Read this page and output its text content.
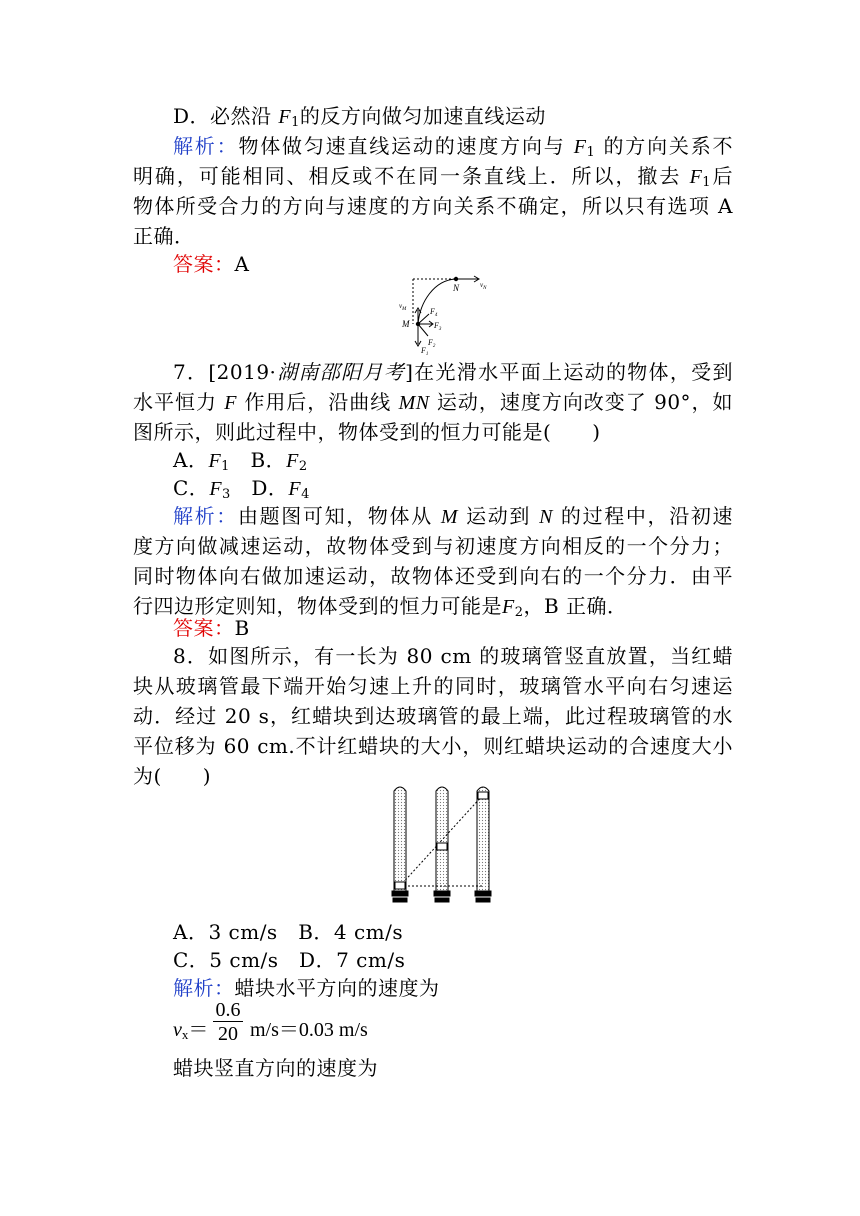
D．必然沿 $F_1$的反方向做匀加速直线运动
解析：物体做匀速直线运动的速度方向与 $F_1$ 的方向关系不
明确，可能相同、相反或不在同一条直线上．所以，撤去 $F_1$后
物体所受合力的方向与速度的方向关系不确定，所以只有选项 A
正确．
答案：A
N	$v_N$
$v_M$
M
$F_1$
$F_2$
$F_3$
$F_4$
7．[2019·湖南邵阳月考]在光滑水平面上运动的物体，受到
水平恒力 F 作用后，沿曲线 MN 运动，速度方向改变了 90°，如
图所示，则此过程中，物体受到的恒力可能是(　　)
A．$F_1$　 B．$F_2$
C．$F_3$　 D．$F_4$
解析：由题图可知，物体从 M 运动到 N 的过程中，沿初速
度方向做减速运动，故物体受到与初速度方向相反的一个分力；
同时物体向右做加速运动，故物体还受到向右的一个分力．由平
行四边形定则知，物体受到的恒力可能是$F_2$，B 正确．
答案：B
8．如图所示，有一长为 80 cm 的玻璃管竖直放置，当红蜡
块从玻璃管最下端开始匀速上升的同时，玻璃管水平向右匀速运
动．经过 20 s，红蜡块到达玻璃管的最上端，此过程玻璃管的水
平位移为 60 cm.不计红蜡块的大小，则红蜡块运动的合速度大小
为(　　)
A．3 cm/s　B．4 cm/s
C．5 cm/s　D．7 cm/s
解析：蜡块水平方向的速度为
$v_x=$
0.6
20 m/s＝0.03 m/s
蜡块竖直方向的速度为
